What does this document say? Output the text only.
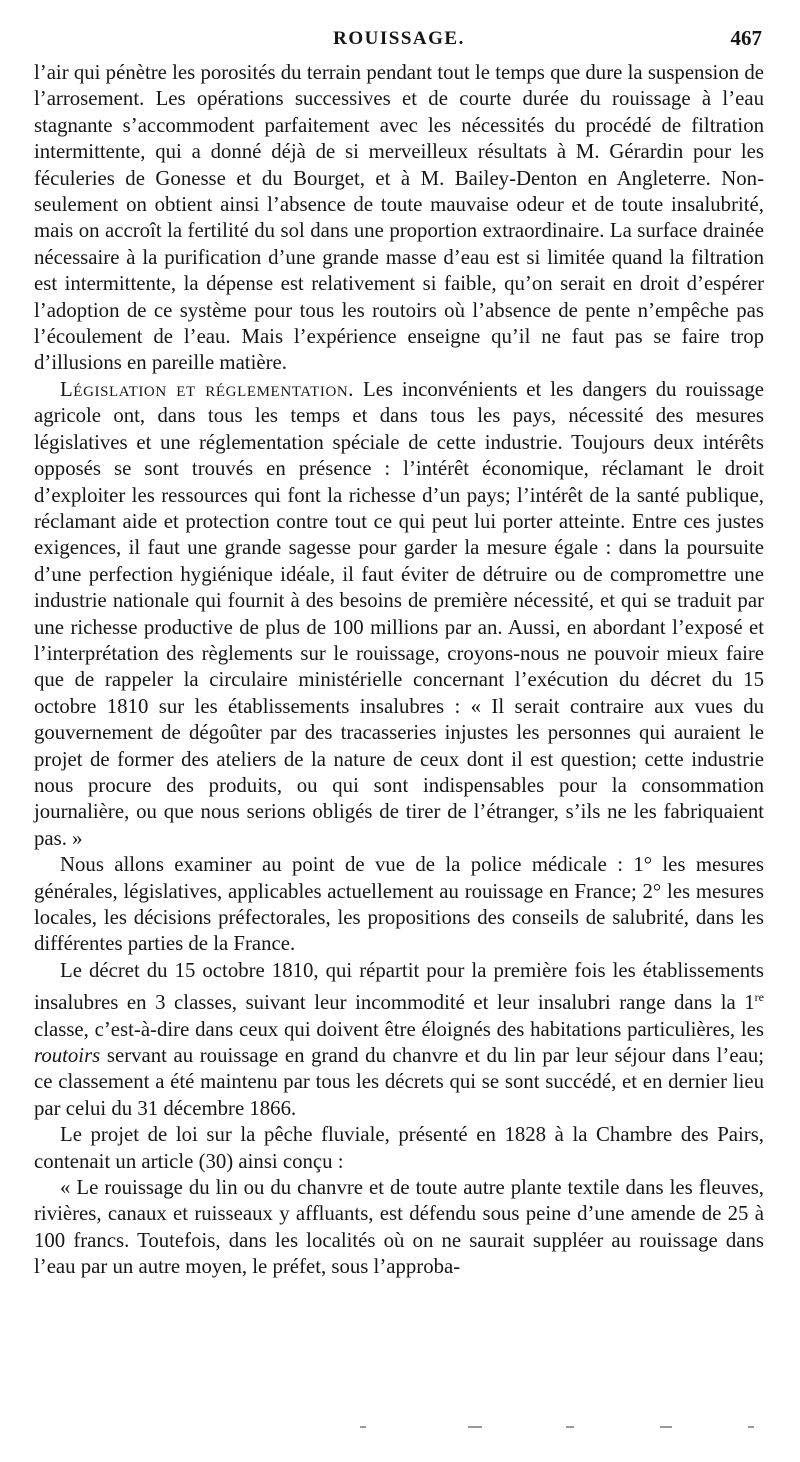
ROUISSAGE.	467

l’air qui pénètre les porosités du terrain pendant tout le temps que dure la suspension de l’arrosement. Les opérations successives et de courte durée du rouissage à l’eau stagnante s’accommodent parfaitement avec les nécessités du procédé de filtration intermittente, qui a donné déjà de si merveilleux résultats à M. Gérardin pour les féculeries de Gonesse et du Bourget, et à M. Bailey-Denton en Angleterre. Non-seulement on obtient ainsi l’absence de toute mauvaise odeur et de toute insalubrité, mais on accroît la fertilité du sol dans une proportion extraordinaire. La surface drainée nécessaire à la purification d’une grande masse d’eau est si limitée quand la filtration est intermittente, la dépense est relativement si faible, qu’on serait en droit d’espérer l’adoption de ce système pour tous les routoirs où l’absence de pente n’empêche pas l’écoulement de l’eau. Mais l’expérience enseigne qu’il ne faut pas se faire trop d’illusions en pareille matière.

Législation et réglementation. Les inconvénients et les dangers du rouissage agricole ont, dans tous les temps et dans tous les pays, nécessité des mesures législatives et une réglementation spéciale de cette industrie. Toujours deux intérêts opposés se sont trouvés en présence : l’intérêt économique, réclamant le droit d’exploiter les ressources qui font la richesse d’un pays; l’intérêt de la santé publique, réclamant aide et protection contre tout ce qui peut lui porter atteinte. Entre ces justes exigences, il faut une grande sagesse pour garder la mesure égale : dans la poursuite d’une perfection hygiénique idéale, il faut éviter de détruire ou de compromettre une industrie nationale qui fournit à des besoins de première nécessité, et qui se traduit par une richesse productive de plus de 100 millions par an. Aussi, en abordant l’exposé et l’interprétation des règlements sur le rouissage, croyons-nous ne pouvoir mieux faire que de rappeler la circulaire ministérielle concernant l’exécution du décret du 15 octobre 1810 sur les établissements insalubres : « Il serait contraire aux vues du gouvernement de dégoûter par des tracasseries injustes les personnes qui auraient le projet de former des ateliers de la nature de ceux dont il est question; cette industrie nous procure des produits, ou qui sont indispensables pour la consommation journalière, ou que nous serions obligés de tirer de l’étranger, s’ils ne les fabriquaient pas. »

Nous allons examiner au point de vue de la police médicale : 1° les mesures générales, législatives, applicables actuellement au rouissage en France; 2° les mesures locales, les décisions préfectorales, les propositions des conseils de salubrité, dans les différentes parties de la France.

Le décret du 15 octobre 1810, qui répartit pour la première fois les établissements insalubres en 3 classes, suivant leur incommodité et leur insalubri range dans la 1re classe, c’est-à-dire dans ceux qui doivent être éloignés des habitations particulières, les routoirs servant au rouissage en grand du chanvre et du lin par leur séjour dans l’eau; ce classement a été maintenu par tous les décrets qui se sont succédé, et en dernier lieu par celui du 31 décembre 1866.

Le projet de loi sur la pêche fluviale, présenté en 1828 à la Chambre des Pairs, contenait un article (30) ainsi conçu :

« Le rouissage du lin ou du chanvre et de toute autre plante textile dans les fleuves, rivières, canaux et ruisseaux y affluants, est défendu sous peine d’une amende de 25 à 100 francs. Toutefois, dans les localités où on ne saurait suppléer au rouissage dans l’eau par un autre moyen, le préfet, sous l’approba-
